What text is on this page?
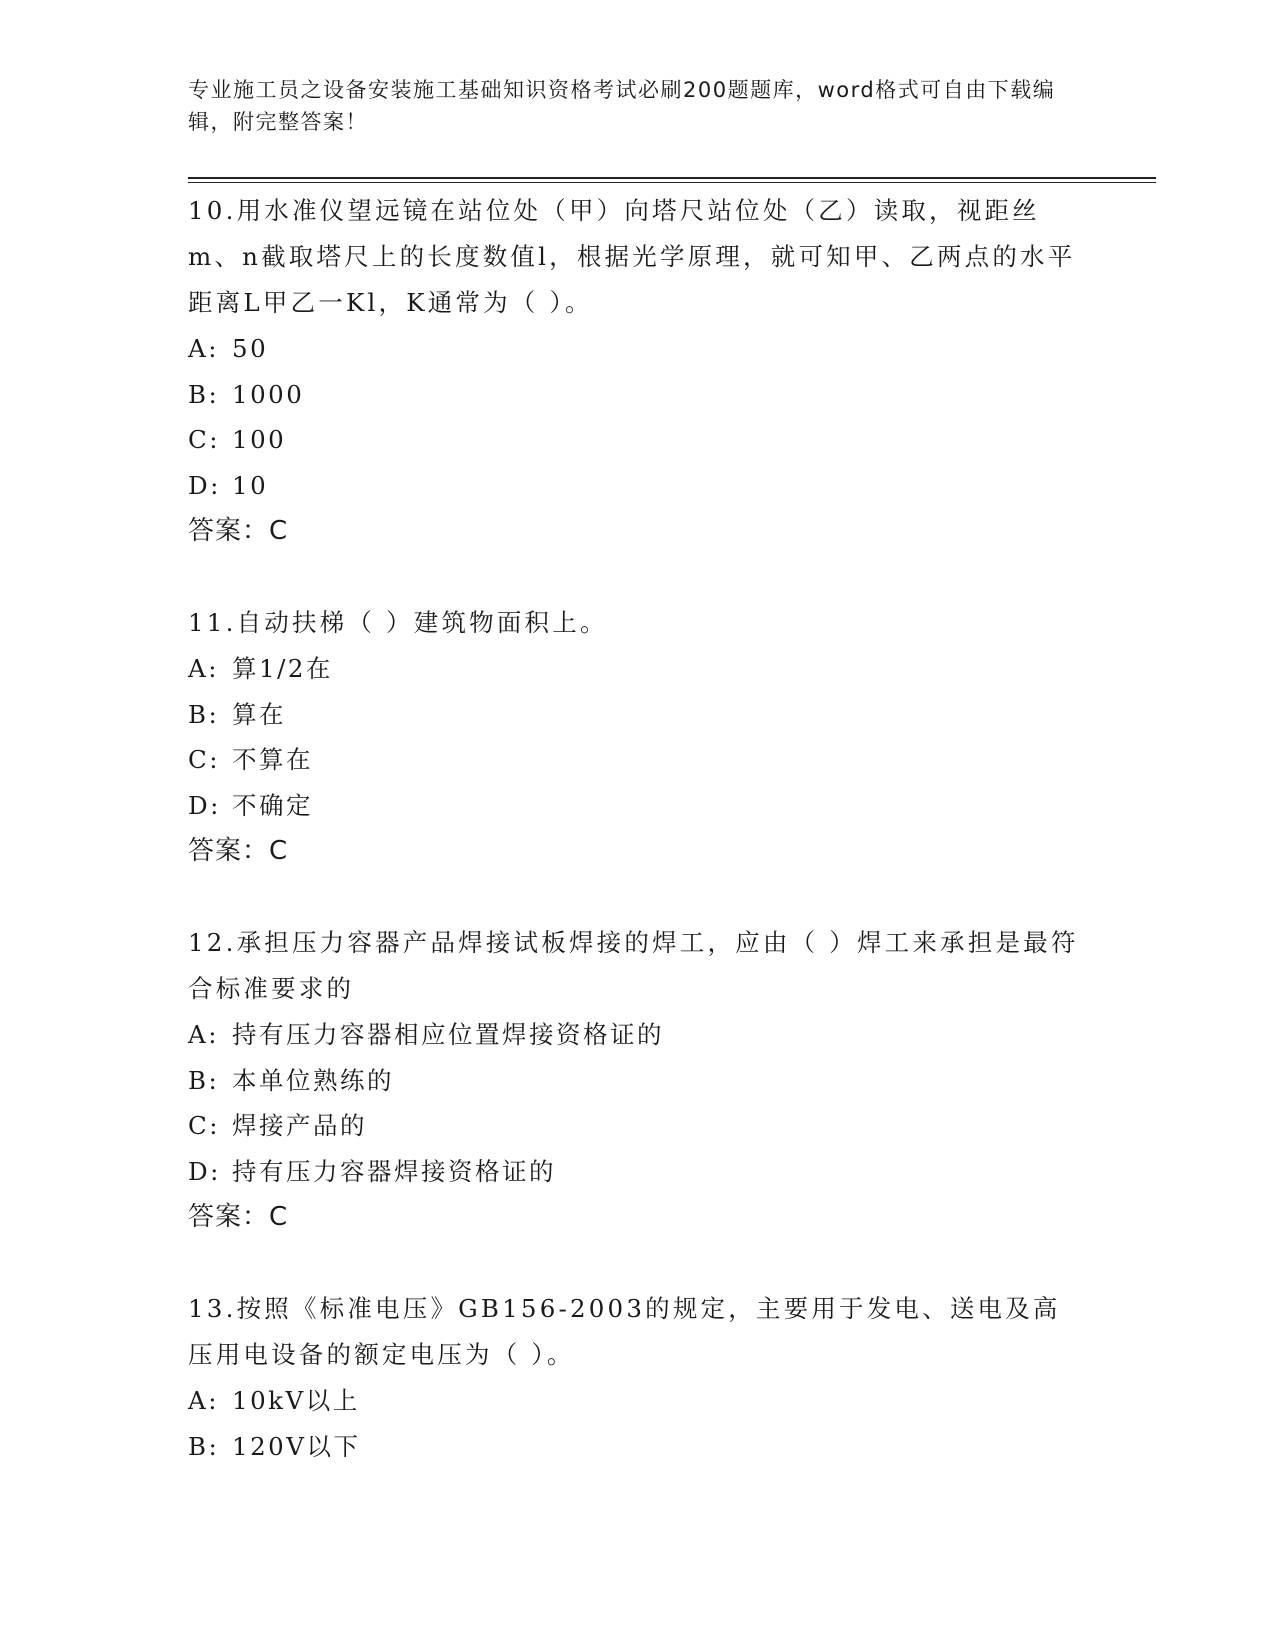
专业施工员之设备安装施工基础知识资格考试必刷200题题库，word格式可自由下载编辑，附完整答案！

10.用水准仪望远镜在站位处（甲）向塔尺站位处（乙）读取，视距丝m、n截取塔尺上的长度数值l，根据光学原理，就可知甲、乙两点的水平距离L甲乙一Kl，K通常为（ ）。

A: 50
B: 1000
C: 100
D: 10
答案：C

11.自动扶梯（ ）建筑物面积上。

A: 算1/2在
B: 算在
C: 不算在
D: 不确定
答案：C

12.承担压力容器产品焊接试板焊接的焊工，应由（ ）焊工来承担是最符合标准要求的

A: 持有压力容器相应位置焊接资格证的
B: 本单位熟练的
C: 焊接产品的
D: 持有压力容器焊接资格证的
答案：C

13.按照《标准电压》GB156-2003的规定，主要用于发电、送电及高压用电设备的额定电压为（ ）。

A: 10kV以上
B: 120V以下
